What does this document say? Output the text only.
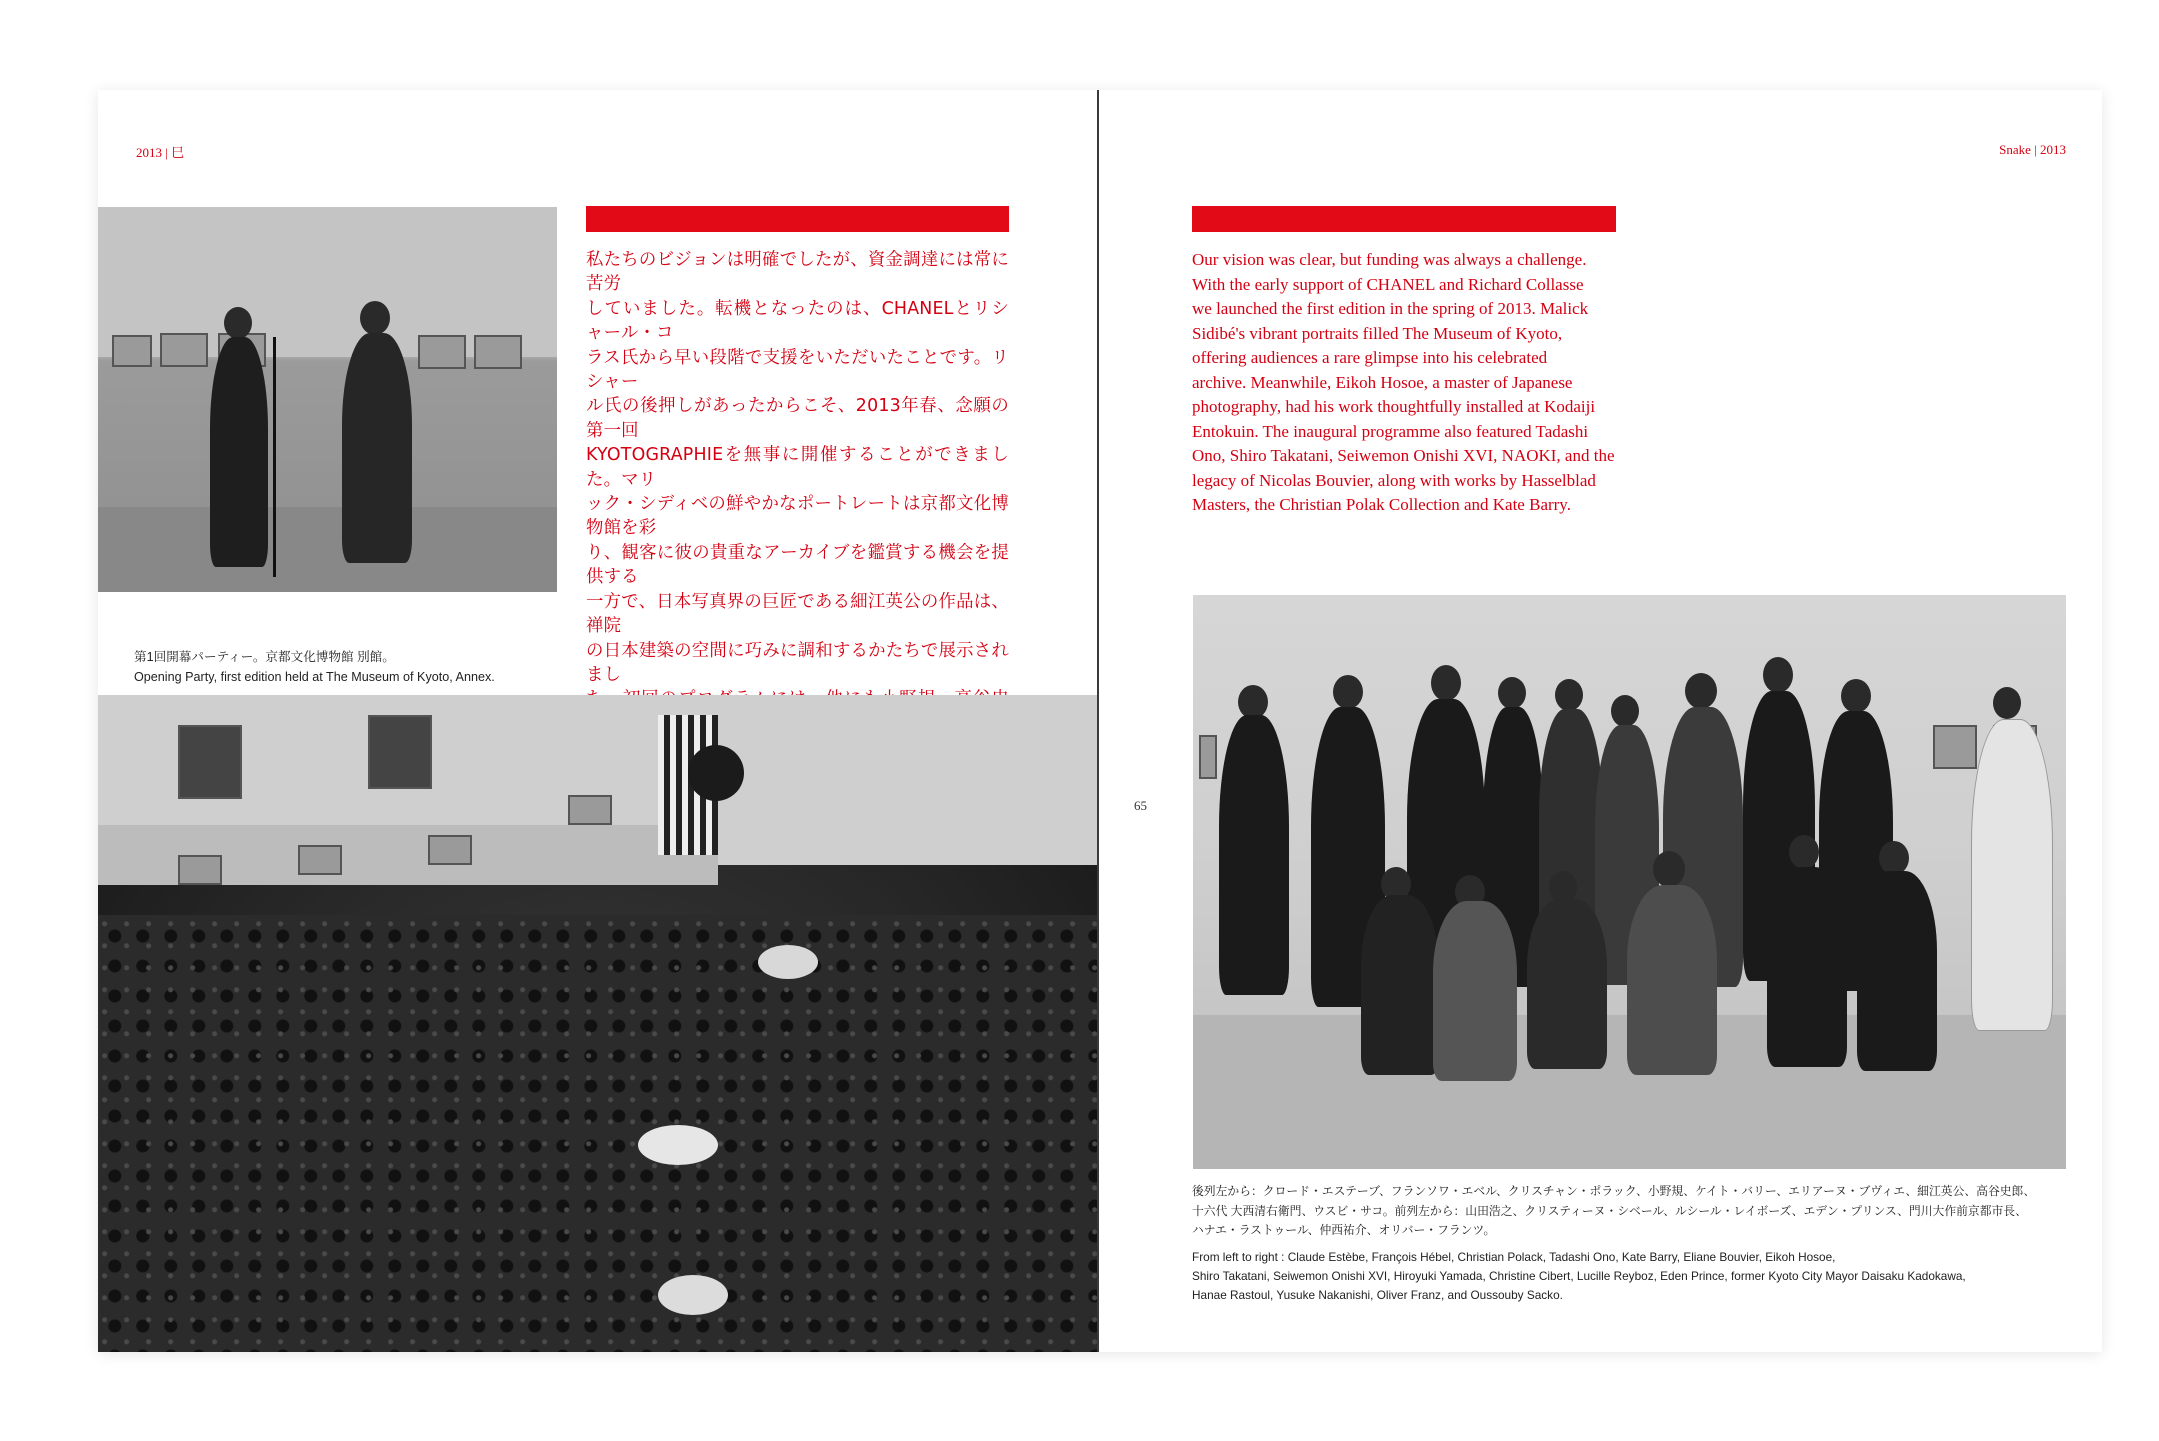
2013 | 巳
第1回開幕パーティー。京都文化博物館 別館。
Opening Party, first edition held at The Museum of Kyoto, Annex.
私たちのビジョンは明確でしたが、資金調達には常に苦労
していました。転機となったのは、CHANELとリシャール・コ
ラス氏から早い段階で支援をいただいたことです。リシャー
ル氏の後押しがあったからこそ、2013年春、念願の第一回
KYOTOGRAPHIEを無事に開催することができました。マリ
ック・シディベの鮮やかなポートレートは京都文化博物館を彩
り、観客に彼の貴重なアーカイブを鑑賞する機会を提供する
一方で、日本写真界の巨匠である細江英公の作品は、禅院
の日本建築の空間に巧みに調和するかたちで展示されまし

Snake | 2013
Our vision was clear, but funding was always a challenge.
With the early support of CHANEL and Richard Collasse
we launched the first edition in the spring of 2013. Malick
Sidibé's vibrant portraits filled The Museum of Kyoto,
offering audiences a rare glimpse into his celebrated
archive. Meanwhile, Eikoh Hosoe, a master of Japanese
photography, had his work thoughtfully installed at Kodaiji
Entokuin. The inaugural programme also featured Tadashi
Ono, Shiro Takatani, Seiwemon Onishi XVI, NAOKI, and the
legacy of Nicolas Bouvier, along with works by Hasselblad
Masters, the Christian Polak Collection and Kate Barry.
65
後列左から：クロード・エステーブ、フランソワ・エベル、クリスチャン・ポラック、小野規、ケイト・バリー、エリアーヌ・ブヴィエ、細江英公、高谷史郎、
十六代 大西清右衛門、ウスビ・サコ。前列左から：山田浩之、クリスティーヌ・シベール、ルシール・レイボーズ、エデン・プリンス、門川大作前京都市長、
ハナエ・ラストゥール、仲西祐介、オリバー・フランツ。
From left to right : Claude Estèbe, François Hébel, Christian Polack, Tadashi Ono, Kate Barry, Eliane Bouvier, Eikoh Hosoe,
Shiro Takatani, Seiwemon Onishi XVI, Hiroyuki Yamada, Christine Cibert, Lucille Reyboz, Eden Prince, former Kyoto City Mayor Daisaku Kadokawa,
Hanae Rastoul, Yusuke Nakanishi, Oliver Franz, and Oussouby Sacko.
